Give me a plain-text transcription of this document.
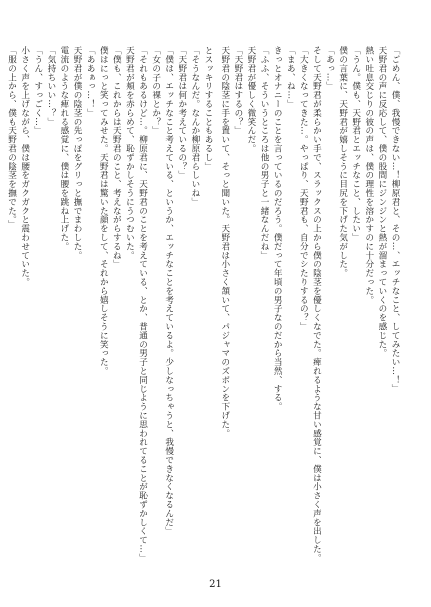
「ごめん、僕、我慢できない…！柳原君と、その…、エッチなこと、してみたい…！」

天野君の声に反応して、僕の股間にジンジンと熱が溜まっていくのを感じた。

熱い吐息交じりの彼の声は、僕の理性を溶かすのに十分だった。

「うん。僕も、天野君とエッチなこと、したい」

僕の言葉に、天野君が嬉しそうに目尻を下げた気がした。

「あっ…」

そして天野君が柔らかい手で、スラックスの上から僕の陰茎を優しくなでた。痺れるような甘い感覚に、僕は小さく声を出した。

「大きくなってきた…。やっぱり、天野君も、自分でシたりするの？」

「まあ、ね…」

きっとオナニーのことを言っているのだろう。僕だって年頃の男子なのだから当然、する。

「ふふ、そういうところは他の男子と一緒なんだね」

天野君が優しく微笑んだ。

「天野君はするの？」

天野君の陰茎に手を置いて、そっと聞いた。天野君は小さく頷いて、パジャマのズボンを下げた。

とスッキリすることもあるし」

「そうなんだ。なんか柳原君らしいね」

「天野君は何か考えているの？」

「僕は、エッチなこと考えている、というか、エッチなことを考えているよ。少しなっちゃうと、我慢できなくなるんだ」

「女の子の裸とか？」

「それもあるけど…。柳原君に、天野君のことを考えている、とか、普通の男子と同じように思われてることが恥ずかしくて…」

天野君が頬を赤らめて、恥ずかしそうにうつむいた。

「僕も、これからは天野君のこと、考えながらするね」

僕はにっと笑ってみせた。天野君は驚いた顔をして、それから嬉しそうに笑った。

「ああぁっ…！」

天野君が僕の陰茎の先っぽをグリっと撫でまわした。

電流のような痺れる感覚に、僕は腰を跳ね上げた。

「気持ちいい…？」

「うん、すっごく…」

小さく声を上げながら、僕は腰をガクガクと震わせていた。

「服の上から、僕も天野君の陰茎を撫でた。」

21
